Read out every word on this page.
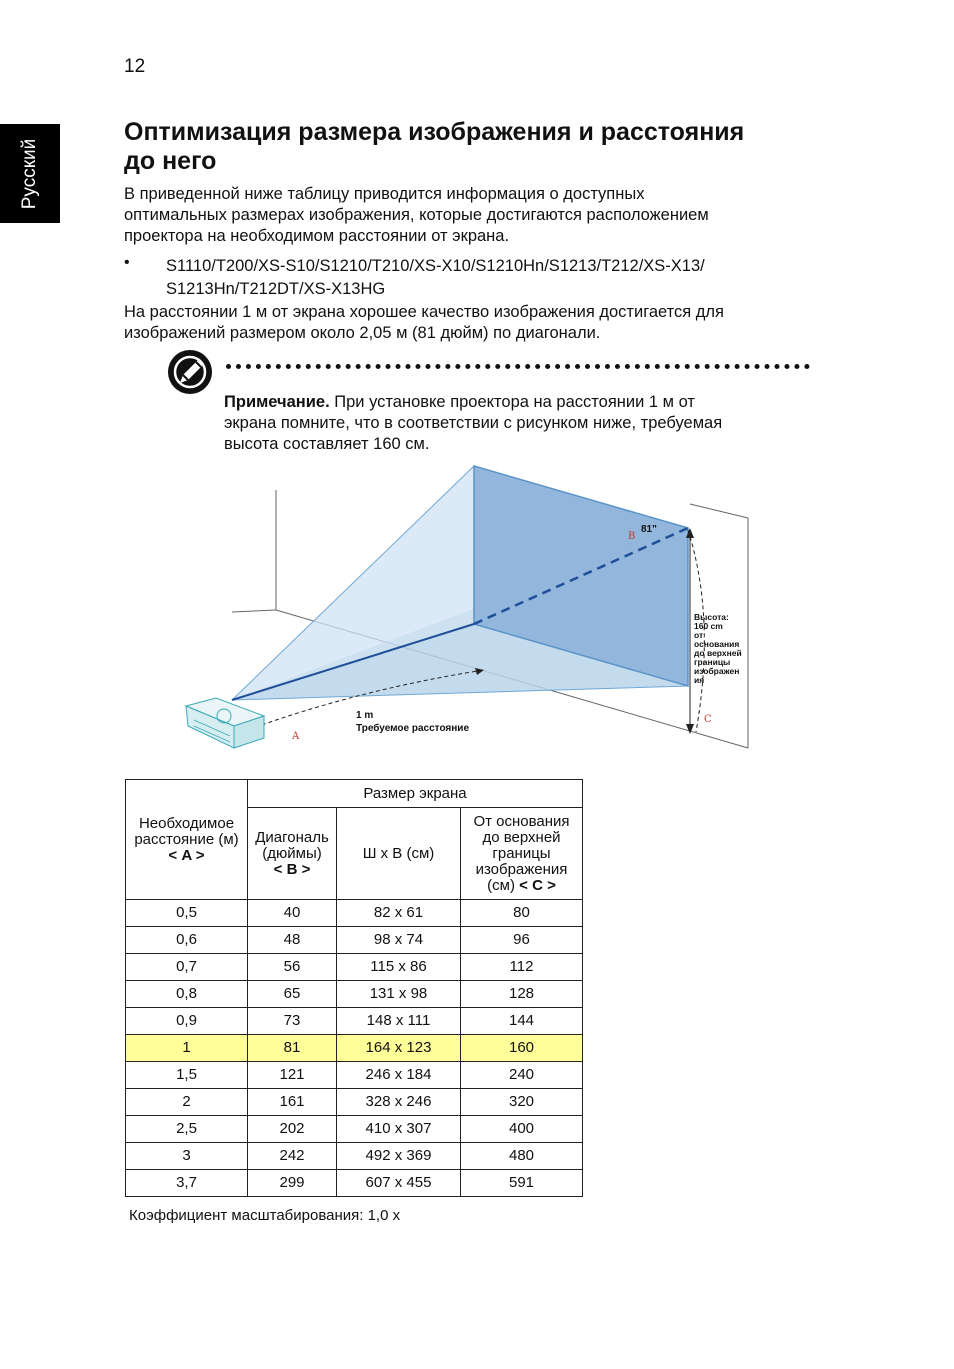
12
Русский
Оптимизация размера изображения и расстояния
до него

В приведенной ниже таблицу приводится информация о доступных
оптимальных размерах изображения, которые достигаются расположением
проектора на необходимом расстоянии от экрана.

• S1110/T200/XS-S10/S1210/T210/XS-X10/S1210Hn/S1213/T212/XS-X13/
S1213Hn/T212DT/XS-X13HG

На расстоянии 1 м от экрана хорошее качество изображения достигается для
изображений размером около 2,05 м (81 дюйм) по диагонали.

Примечание. При установке проектора на расстоянии 1 м от
экрана помните, что в соответствии с рисунком ниже, требуемая
высота составляет 160 см.

B
81"
A
1 m
Требуемое расстояние
C
Высота:
160 cm
от
основания
до верхней
границы
изображен
ия
Необходимое
расстояние (м)
< A >	Размер экрана		
	Диагональ
(дюймы)
< B >	Ш x В (см)	От основания
до верхней
границы
изображения
(см) < C >
0,5	40	82 x 61	80
0,6	48	98 x 74	96
0,7	56	115 x 86	112
0,8	65	131 x 98	128
0,9	73	148 x 111	144
1	81	164 x 123	160
1,5	121	246 x 184	240
2	161	328 x 246	320
2,5	202	410 x 307	400
3	242	492 x 369	480
3,7	299	607 x 455	591
Коэффициент масштабирования: 1,0 x
